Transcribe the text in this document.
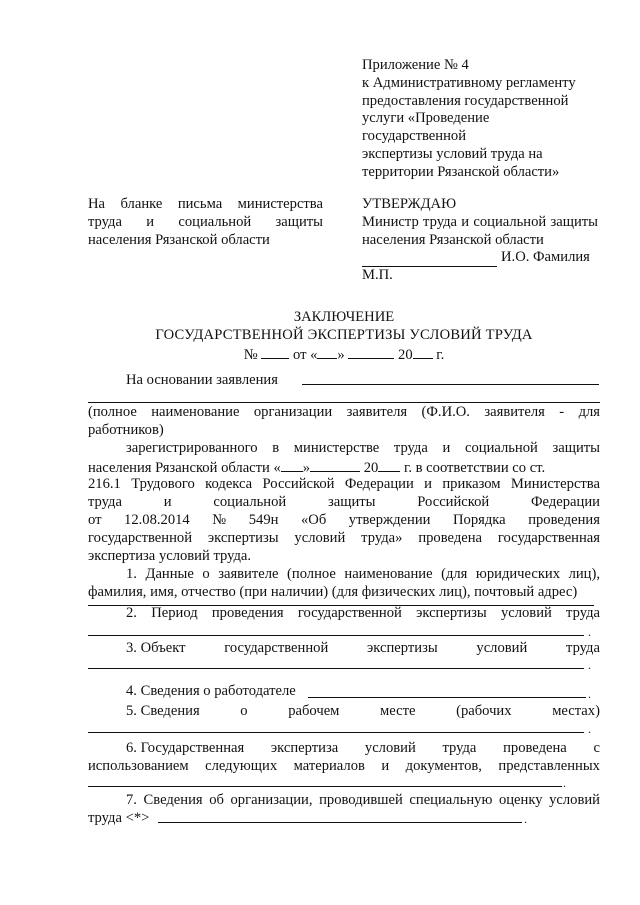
Приложение № 4
к Административному регламенту
предоставления государственной
услуги «Проведение
государственной
экспертизы условий труда на
территории Рязанской области»
На бланке письма министерства труда и социальной защиты населения Рязанской области
УТВЕРЖДАЮ
Министр труда и социальной защиты населения Рязанской области
И.О. Фамилия
М.П.
ЗАКЛЮЧЕНИЕ
ГОСУДАРСТВЕННОЙ ЭКСПЕРТИЗЫ УСЛОВИЙ ТРУДА
№ от « »	20 г.
На основании заявления
(полное наименование организации заявителя (Ф.И.О. заявителя - для работников)
зарегистрированного в министерстве труда и социальной защиты
населения Рязанской области « »	20 г. в соответствии со ст.
216.1 Трудового кодекса Российской Федерации и приказом Министерства
труда	и	социальной	защиты	Российской	Федерации
от 12.08.2014 № 549н «Об утверждении Порядка проведения
государственной экспертизы условий труда» проведена государственная
экспертиза условий труда.
1. Данные о заявителе (полное наименование (для юридических лиц), фамилия, имя, отчество (при наличии) (для физических лиц), почтовый адрес)
2. Период проведения государственной экспертизы условий труда
.
3. Объект	государственной	экспертизы	условий	труда
.
4. Сведения о работодателе	.
5. Сведения	о	рабочем	месте	(рабочих	местах)
.
6. Государственная экспертиза условий труда проведена с
использованием следующих материалов и документов, представленных
.
7. Сведения об организации, проводившей специальную оценку условий
труда <*>	.
